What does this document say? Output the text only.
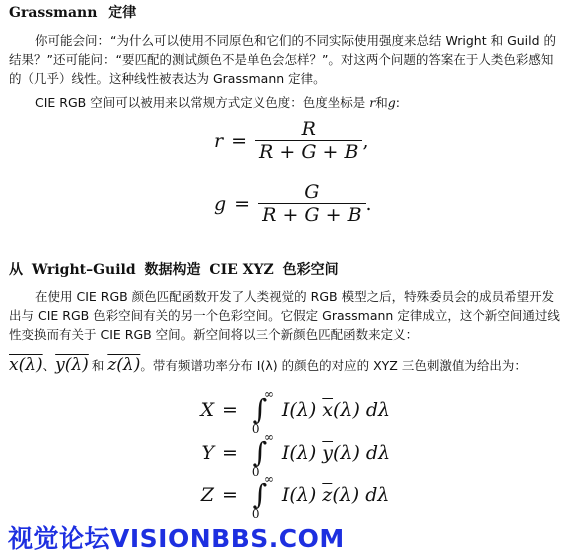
Grassmann 定律
你可能会问：“为什么可以使用不同原色和它们的不同实际使用强度来总结 Wright 和 Guild 的结果？”还可能问：“要匹配的测试颜色不是单色会怎样？”。对这两个问题的答案在于人类色彩感知的（几乎）线性。这种线性被表达为 Grassmann 定律。
CIE RGB 空间可以被用来以常规方式定义色度：色度坐标是 r和g:
$r = \frac{R}{R + G + B}$ ,
$g = \frac{G}{R + G + B}$ .
从 Wright–Guild 数据构造 CIE XYZ 色彩空间
在使用 CIE RGB 颜色匹配函数开发了人类视觉的 RGB 模型之后，特殊委员会的成员希望开发出与 CIE RGB 色彩空间有关的另一个色彩空间。它假定 Grassmann 定律成立，这个新空间通过线性变换而有关于 CIE RGB 空间。新空间将以三个新颜色匹配函数来定义：
x(λ)、y(λ) 和 z(λ)。带有频谱功率分布 I(λ) 的颜色的对应的 XYZ 三色刺激值为给出为：
X = ∫
∞
0
I(λ) $\overline{x}(\lambda)$ dλ
Y = ∫
∞
0
I(λ) $\overline{y}(\lambda)$ dλ
Z = ∫
∞
0
I(λ) $\overline{z}(\lambda)$ dλ
视觉论坛VISIONBBS.COM
